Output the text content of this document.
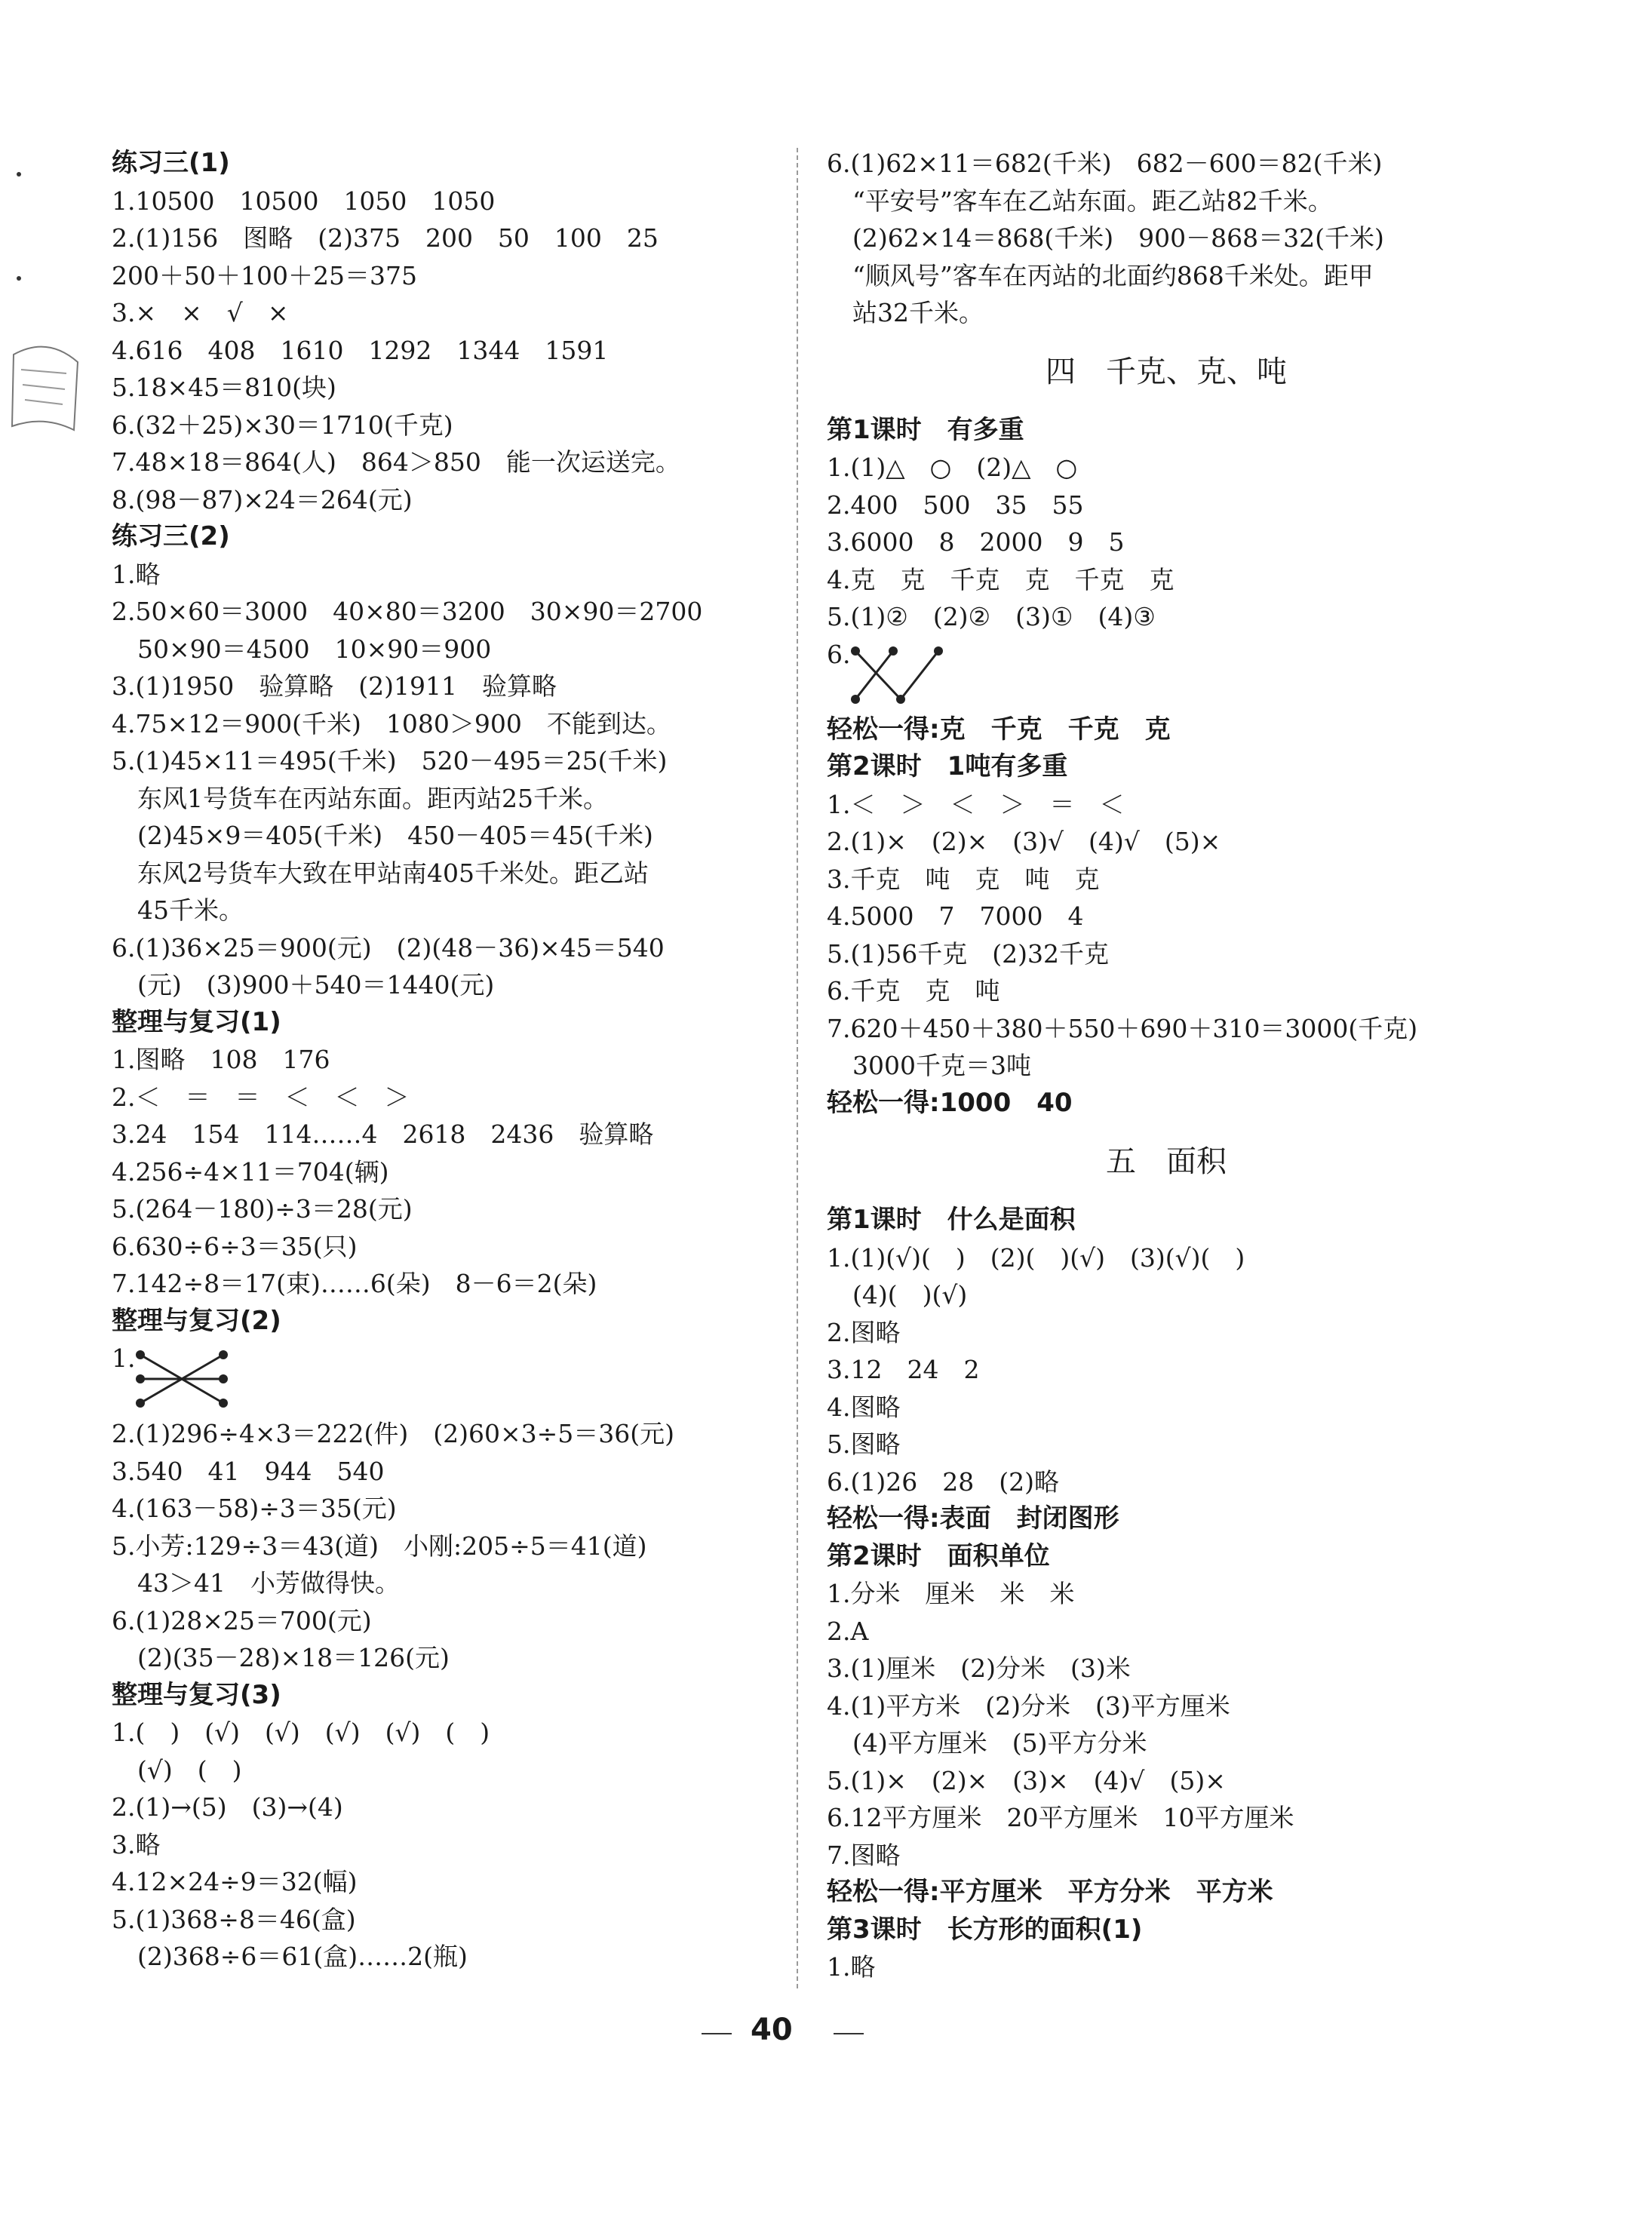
练习三(1)
1.10500　10500　1050　1050
2.(1)156　图略　(2)375　200　50　100　25
200＋50＋100＋25＝375
3.×　×　√　×
4.616　408　1610　1292　1344　1591
5.18×45＝810(块)
6.(32＋25)×30＝1710(千克)
7.48×18＝864(人)　864＞850　能一次运送完。
8.(98－87)×24＝264(元)
练习三(2)
1.略
2.50×60＝3000　40×80＝3200　30×90＝2700
50×90＝4500　10×90＝900
3.(1)1950　验算略　(2)1911　验算略
4.75×12＝900(千米)　1080＞900　不能到达。
5.(1)45×11＝495(千米)　520－495＝25(千米)
东风1号货车在丙站东面。距丙站25千米。
(2)45×9＝405(千米)　450－405＝45(千米)
东风2号货车大致在甲站南405千米处。距乙站
45千米。
6.(1)36×25＝900(元)　(2)(48－36)×45＝540
(元)　(3)900＋540＝1440(元)
整理与复习(1)
1.图略　108　176
2.＜　＝　＝　＜　＜　＞
3.24　154　114……4　2618　2436　验算略
4.256÷4×11＝704(辆)
5.(264－180)÷3＝28(元)
6.630÷6÷3＝35(只)
7.142÷8＝17(束)……6(朵)　8－6＝2(朵)
整理与复习(2)
1.
2.(1)296÷4×3＝222(件)　(2)60×3÷5＝36(元)
3.540　41　944　540
4.(163－58)÷3＝35(元)
5.小芳:129÷3＝43(道)　小刚:205÷5＝41(道)
43＞41　小芳做得快。
6.(1)28×25＝700(元)
(2)(35－28)×18＝126(元)
整理与复习(3)
1.(　)　(√)　(√)　(√)　(√)　(　)
(√)　(　)
2.(1)→(5)　(3)→(4)
3.略
4.12×24÷9＝32(幅)
5.(1)368÷8＝46(盒)
(2)368÷6＝61(盒)……2(瓶)
6.(1)62×11＝682(千米)　682－600＝82(千米)
“平安号”客车在乙站东面。距乙站82千米。
(2)62×14＝868(千米)　900－868＝32(千米)
“顺风号”客车在丙站的北面约868千米处。距甲
站32千米。
四　千克、克、吨
第1课时　有多重
1.(1)△　○　(2)△　○
2.400　500　35　55
3.6000　8　2000　9　5
4.克　克　千克　克　千克　克
5.(1)②　(2)②　(3)①　(4)③
6.
轻松一得:克　千克　千克　克
第2课时　1吨有多重
1.＜　＞　＜　＞　＝　＜
2.(1)×　(2)×　(3)√　(4)√　(5)×
3.千克　吨　克　吨　克
4.5000　7　7000　4
5.(1)56千克　(2)32千克
6.千克　克　吨
7.620＋450＋380＋550＋690＋310＝3000(千克)
3000千克＝3吨
轻松一得:1000　40
五　面积
第1课时　什么是面积
1.(1)(√)(　)　(2)(　)(√)　(3)(√)(　)
(4)(　)(√)
2.图略
3.12　24　2
4.图略
5.图略
6.(1)26　28　(2)略
轻松一得:表面　封闭图形
第2课时　面积单位
1.分米　厘米　米　米
2.A
3.(1)厘米　(2)分米　(3)米
4.(1)平方米　(2)分米　(3)平方厘米
(4)平方厘米　(5)平方分米
5.(1)×　(2)×　(3)×　(4)√　(5)×
6.12平方厘米　20平方厘米　10平方厘米
7.图略
轻松一得:平方厘米　平方分米　平方米
第3课时　长方形的面积(1)
1.略
40
